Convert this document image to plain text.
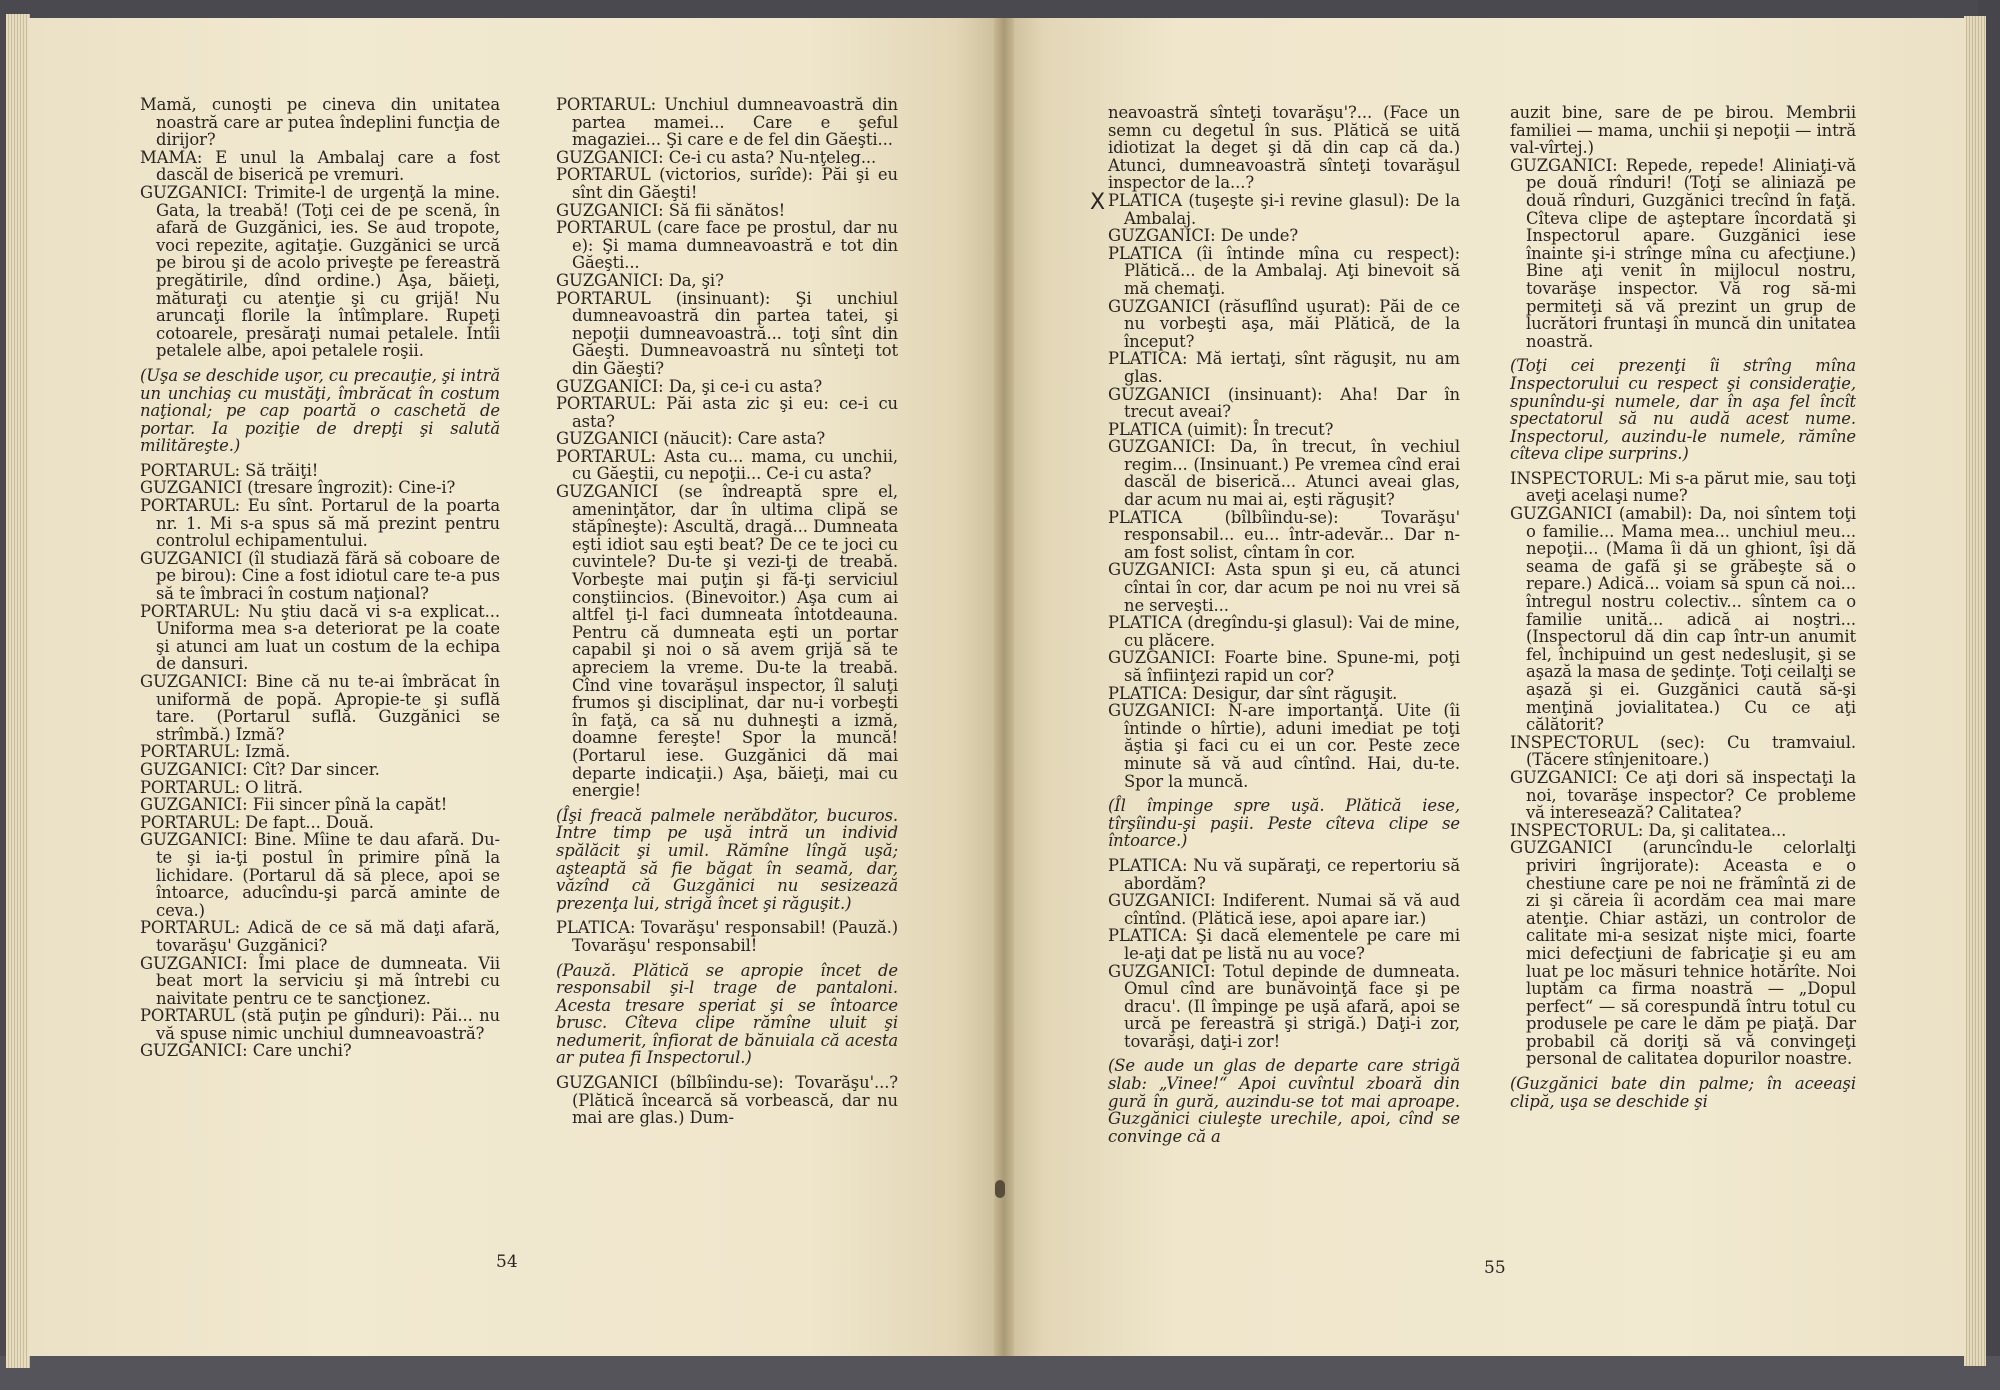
Mamă, cunoşti pe cineva din unitatea noastră care ar putea îndeplini funcţia de dirijor?

MAMA: E unul la Ambalaj care a fost dascăl de biserică pe vremuri.

GUZGANICI: Trimite-l de urgenţă la mine. Gata, la treabă! (Toţi cei de pe scenă, în afară de Guzgănici, ies. Se aud tropote, voci repezite, agitaţie. Guzgănici se urcă pe birou şi de acolo priveşte pe fereastră pregătirile, dînd ordine.) Aşa, băieţi, măturaţi cu atenţie şi cu grijă! Nu aruncaţi florile la întîmplare. Rupeţi cotoarele, presăraţi numai petalele. Intîi petalele albe, apoi petalele roşii.

(Uşa se deschide uşor, cu precauţie, şi intră un unchiaş cu mustăţi, îmbrăcat în costum naţional; pe cap poartă o caschetă de portar. Ia poziţie de drepţi şi salută milităreşte.)

PORTARUL: Să trăiţi!

GUZGANICI (tresare îngrozit): Cine-i?

PORTARUL: Eu sînt. Portarul de la poarta nr. 1. Mi s-a spus să mă prezint pentru controlul echipamentului.

GUZGANICI (îl studiază fără să coboare de pe birou): Cine a fost idiotul care te-a pus să te îmbraci în costum naţional?

PORTARUL: Nu ştiu dacă vi s-a explicat... Uniforma mea s-a deteriorat pe la coate şi atunci am luat un costum de la echipa de dansuri.

GUZGANICI: Bine că nu te-ai îmbrăcat în uniformă de popă. Apropie-te şi suflă tare. (Portarul suflă. Guzgănici se strîmbă.) Izmă?

PORTARUL: Izmă.

GUZGANICI: Cît? Dar sincer.

PORTARUL: O litră.

GUZGANICI: Fii sincer pînă la capăt!

PORTARUL: De fapt... Două.

GUZGANICI: Bine. Mîine te dau afară. Du-te şi ia-ţi postul în primire pînă la lichidare. (Portarul dă să plece, apoi se întoarce, aducîndu-şi parcă aminte de ceva.)

PORTARUL: Adică de ce să mă daţi afară, tovarăşu' Guzgănici?

GUZGANICI: Îmi place de dumneata. Vii beat mort la serviciu şi mă întrebi cu naivitate pentru ce te sancţionez.

PORTARUL (stă puţin pe gînduri): Păi... nu vă spuse nimic unchiul dumneavoastră?

GUZGANICI: Care unchi?

PORTARUL: Unchiul dumneavoastră din partea mamei... Care e şeful magaziei... Şi care e de fel din Găeşti...

GUZGANICI: Ce-i cu asta? Nu-nţeleg...

PORTARUL (victorios, surîde): Păi şi eu sînt din Găeşti!

GUZGANICI: Să fii sănătos!

PORTARUL (care face pe prostul, dar nu e): Şi mama dumneavoastră e tot din Găeşti...

GUZGANICI: Da, şi?

PORTARUL (insinuant): Şi unchiul dumneavoastră din partea tatei, şi nepoţii dumneavoastră... toţi sînt din Găeşti. Dumneavoastră nu sînteţi tot din Găeşti?

GUZGANICI: Da, şi ce-i cu asta?

PORTARUL: Păi asta zic şi eu: ce-i cu asta?

GUZGANICI (năucit): Care asta?

PORTARUL: Asta cu... mama, cu unchii, cu Găeştii, cu nepoţii... Ce-i cu asta?

GUZGANICI (se îndreaptă spre el, ameninţător, dar în ultima clipă se stăpîneşte): Ascultă, dragă... Dumneata eşti idiot sau eşti beat? De ce te joci cu cuvintele? Du-te şi vezi-ţi de treabă. Vorbeşte mai puţin şi fă-ţi serviciul conştiincios. (Binevoitor.) Aşa cum ai altfel ţi-l faci dumneata întotdeauna. Pentru că dumneata eşti un portar capabil şi noi o să avem grijă să te apreciem la vreme. Du-te la treabă. Cînd vine tovarăşul inspector, îl saluţi frumos şi disciplinat, dar nu-i vorbeşti în faţă, ca să nu duhneşti a izmă, doamne fereşte! Spor la muncă! (Portarul iese. Guzgănici dă mai departe indicaţii.) Aşa, băieţi, mai cu energie!

(Îşi freacă palmele nerăbdător, bucuros. Intre timp pe uşă intră un individ spălăcit şi umil. Rămîne lîngă uşă; aşteaptă să fie băgat în seamă, dar, văzînd că Guzgănici nu sesizează prezenţa lui, strigă încet şi răguşit.)

PLATICA: Tovarăşu' responsabil! (Pauză.) Tovarăşu' responsabil!

(Pauză. Plătică se apropie încet de responsabil şi-l trage de pantaloni. Acesta tresare speriat şi se întoarce brusc. Cîteva clipe rămîne uluit şi nedumerit, înfiorat de bănuiala că acesta ar putea fi Inspectorul.)

GUZGANICI (bîlbîindu-se): Tovarăşu'...? (Plătică încearcă să vorbească, dar nu mai are glas.) Dum-

neavoastră sînteţi tovarăşu'?... (Face un semn cu degetul în sus. Plătică se uită idiotizat la deget şi dă din cap că da.) Atunci, dumneavoastră sînteţi tovarăşul inspector de la...?

PLATICA (tuşeşte şi-i revine glasul): De la Ambalaj.

GUZGANICI: De unde?

PLATICA (îi întinde mîna cu respect): Plătică... de la Ambalaj. Aţi binevoit să mă chemaţi.

GUZGANICI (răsuflînd uşurat): Păi de ce nu vorbeşti aşa, măi Plătică, de la început?

PLATICA: Mă iertaţi, sînt răguşit, nu am glas.

GUZGANICI (insinuant): Aha! Dar în trecut aveai?

PLATICA (uimit): În trecut?

GUZGANICI: Da, în trecut, în vechiul regim... (Insinuant.) Pe vremea cînd erai dascăl de biserică... Atunci aveai glas, dar acum nu mai ai, eşti răguşit?

PLATICA (bîlbîindu-se): Tovarăşu' responsabil... eu... într-adevăr... Dar n-am fost solist, cîntam în cor.

GUZGANICI: Asta spun şi eu, că atunci cîntai în cor, dar acum pe noi nu vrei să ne serveşti...

PLATICA (dregîndu-şi glasul): Vai de mine, cu plăcere.

GUZGANICI: Foarte bine. Spune-mi, poţi să înfiinţezi rapid un cor?

PLATICA: Desigur, dar sînt răguşit.

GUZGANICI: N-are importanţă. Uite (îi întinde o hîrtie), aduni imediat pe toţi ăştia şi faci cu ei un cor. Peste zece minute să vă aud cîntînd. Hai, du-te. Spor la muncă.

(Îl împinge spre uşă. Plătică iese, tîrşîindu-şi paşii. Peste cîteva clipe se întoarce.)

PLATICA: Nu vă supăraţi, ce repertoriu să abordăm?

GUZGANICI: Indiferent. Numai să vă aud cîntînd. (Plătică iese, apoi apare iar.)

PLATICA: Şi dacă elementele pe care mi le-aţi dat pe listă nu au voce?

GUZGANICI: Totul depinde de dumneata. Omul cînd are bunăvoinţă face şi pe dracu'. (Il împinge pe uşă afară, apoi se urcă pe fereastră şi strigă.) Daţi-i zor, tovarăşi, daţi-i zor!

(Se aude un glas de departe care strigă slab: „Vinee!“ Apoi cuvîntul zboară din gură în gură, auzindu-se tot mai aproape. Guzgănici ciuleşte urechile, apoi, cînd se convinge că a

auzit bine, sare de pe birou. Membrii familiei — mama, unchii şi nepoţii — intră val-vîrtej.)

GUZGANICI: Repede, repede! Aliniaţi-vă pe două rînduri! (Toţi se aliniază pe două rînduri, Guzgănici trecînd în faţă. Cîteva clipe de aşteptare încordată şi Inspectorul apare. Guzgănici iese înainte şi-i strînge mîna cu afecţiune.) Bine aţi venit în mijlocul nostru, tovarăşe inspector. Vă rog să-mi permiteţi să vă prezint un grup de lucrători fruntaşi în muncă din unitatea noastră.

(Toţi cei prezenţi îi strîng mîna Inspectorului cu respect şi consideraţie, spunîndu-şi numele, dar în aşa fel încît spectatorul să nu audă acest nume. Inspectorul, auzindu-le numele, rămîne cîteva clipe surprins.)

INSPECTORUL: Mi s-a părut mie, sau toţi aveţi acelaşi nume?

GUZGANICI (amabil): Da, noi sîntem toţi o familie... Mama mea... unchiul meu... nepoţii... (Mama îi dă un ghiont, îşi dă seama de gafă şi se grăbeşte să o repare.) Adică... voiam să spun că noi... întregul nostru colectiv... sîntem ca o familie unită... adică ai noştri... (Inspectorul dă din cap într-un anumit fel, închipuind un gest nedesluşit, şi se aşază la masa de şedinţe. Toţi ceilalţi se aşază şi ei. Guzgănici caută să-şi menţină jovialitatea.) Cu ce aţi călătorit?

INSPECTORUL (sec): Cu tramvaiul. (Tăcere stînjenitoare.)

GUZGANICI: Ce aţi dori să inspectaţi la noi, tovarăşe inspector? Ce probleme vă interesează? Calitatea?

INSPECTORUL: Da, şi calitatea...

GUZGANICI (aruncîndu-le celorlalţi priviri îngrijorate): Aceasta e o chestiune care pe noi ne frămîntă zi de zi şi căreia îi acordăm cea mai mare atenţie. Chiar astăzi, un controlor de calitate mi-a sesizat nişte mici, foarte mici defecţiuni de fabricaţie şi eu am luat pe loc măsuri tehnice hotărîte. Noi luptăm ca firma noastră — „Dopul perfect“ — să corespundă întru totul cu produsele pe care le dăm pe piaţă. Dar probabil că doriţi să vă convingeţi personal de calitatea dopurilor noastre.

(Guzgănici bate din palme; în aceeaşi clipă, uşa se deschide şi

X
54	55
